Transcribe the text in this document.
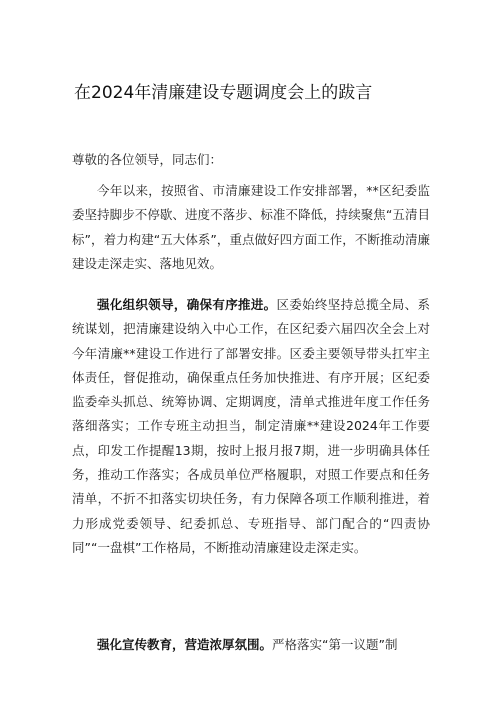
在2024年清廉建设专题调度会上的跋言
尊敬的各位领导，同志们：

今年以来，按照省、市清廉建设工作安排部署，**区纪委监委坚持脚步不停歇、进度不落步、标准不降低，持续聚焦“五清目标”，着力构建“五大体系”，重点做好四方面工作，不断推动清廉建设走深走实、落地见效。

强化组织领导，确保有序推进。区委始终坚持总揽全局、系统谋划，把清廉建设纳入中心工作，在区纪委六届四次全会上对今年清廉**建设工作进行了部署安排。区委主要领导带头扛牢主体责任，督促推动，确保重点任务加快推进、有序开展；区纪委监委牵头抓总、统筹协调、定期调度，清单式推进年度工作任务落细落实；工作专班主动担当，制定清廉**建设2024年工作要点，印发工作提醒13期，按时上报月报7期，进一步明确具体任务，推动工作落实；各成员单位严格履职，对照工作要点和任务清单，不折不扣落实切块任务，有力保障各项工作顺利推进，着力形成党委领导、纪委抓总、专班指导、部门配合的“四责协同”“一盘棋”工作格局，不断推动清廉建设走深走实。

强化宣传教育，营造浓厚氛围。严格落实“第一议题”制
